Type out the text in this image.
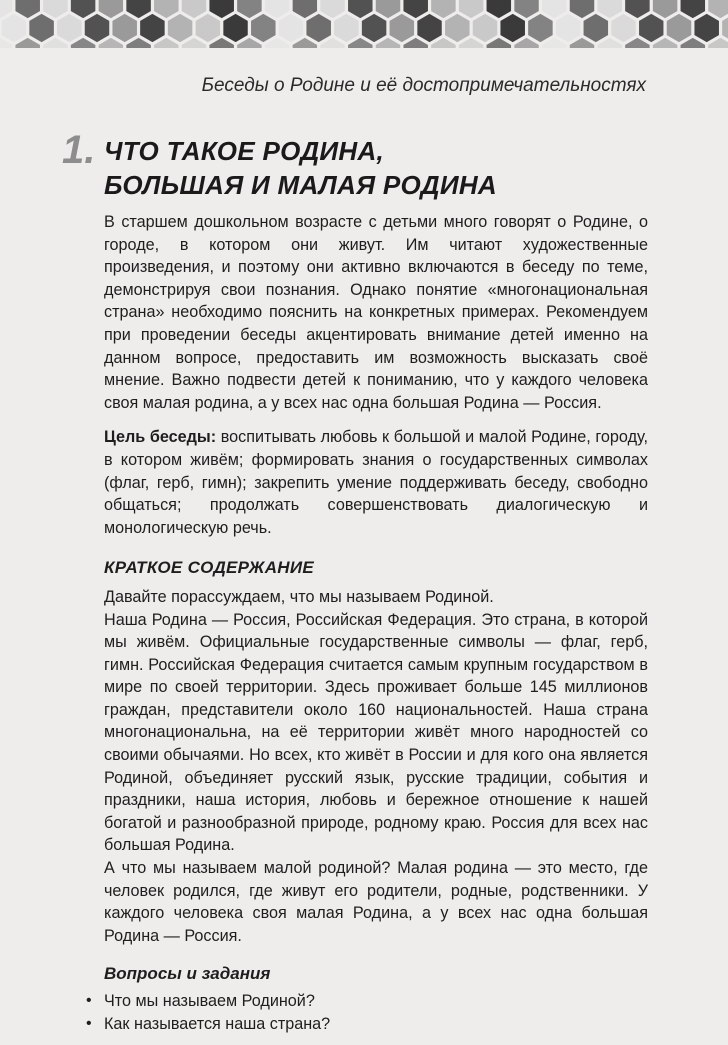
Беседы о Родине и её достопримечательностях
1. ЧТО ТАКОЕ РОДИНА,
БОЛЬШАЯ И МАЛАЯ РОДИНА

В старшем дошкольном возрасте с детьми много говорят о Родине, о городе, в котором они живут. Им читают художественные произведения, и поэтому они активно включаются в беседу по теме, демонстрируя свои познания. Однако понятие «многонациональная страна» необходимо пояснить на конкретных примерах. Рекомендуем при проведении беседы акцентировать внимание детей именно на данном вопросе, предоставить им возможность высказать своё мнение. Важно подвести детей к пониманию, что у каждого человека своя малая родина, а у всех нас одна большая Родина — Россия.

Цель беседы: воспитывать любовь к большой и малой Родине, городу, в котором живём; формировать знания о государственных символах (флаг, герб, гимн); закрепить умение поддерживать беседу, свободно общаться; продолжать совершенствовать диалогическую и монологическую речь.

КРАТКОЕ СОДЕРЖАНИЕ

Давайте порассуждаем, что мы называем Родиной.

Наша Родина — Россия, Российская Федерация. Это страна, в которой мы живём. Официальные государственные символы — флаг, герб, гимн. Российская Федерация считается самым крупным государством в мире по своей территории. Здесь проживает больше 145 миллионов граждан, представители около 160 национальностей. Наша страна многонациональна, на её территории живёт много народностей со своими обычаями. Но всех, кто живёт в России и для кого она является Родиной, объединяет русский язык, русские традиции, события и праздники, наша история, любовь и бережное отношение к нашей богатой и разнообразной природе, родному краю. Россия для всех нас большая Родина.

А что мы называем малой родиной? Малая родина — это место, где человек родился, где живут его родители, родные, родственники. У каждого человека своя малая Родина, а у всех нас одна большая Родина — Россия.

Вопросы и задания
• Что мы называем Родиной?
• Как называется наша страна?
